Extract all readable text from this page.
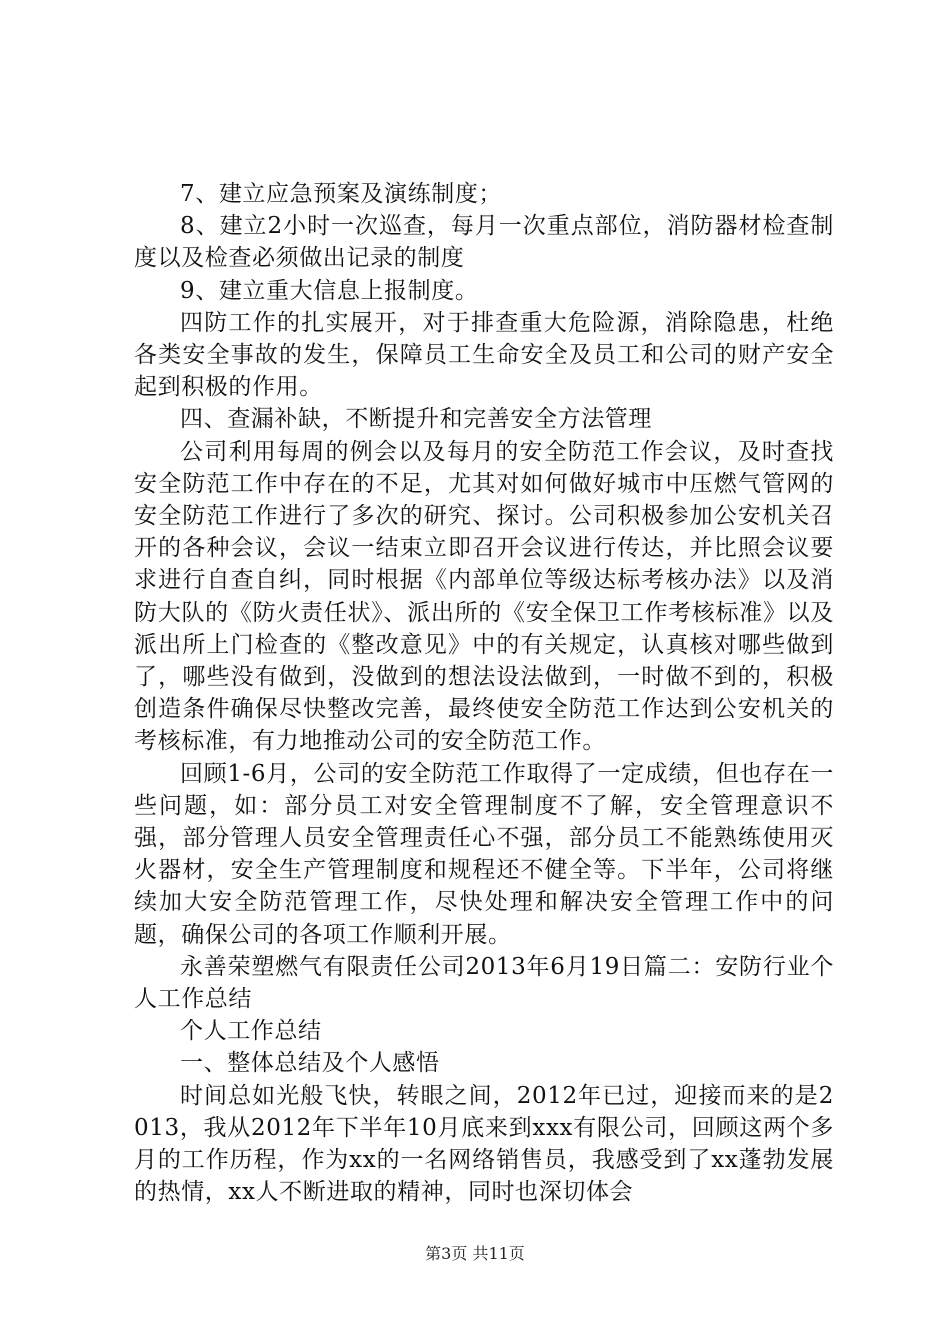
7、建立应急预案及演练制度；

8、建立2小时一次巡查，每月一次重点部位，消防器材检查制度以及检查必须做出记录的制度

9、建立重大信息上报制度。

四防工作的扎实展开，对于排查重大危险源，消除隐患，杜绝各类安全事故的发生，保障员工生命安全及员工和公司的财产安全起到积极的作用。

四、查漏补缺，不断提升和完善安全方法管理

公司利用每周的例会以及每月的安全防范工作会议，及时查找安全防范工作中存在的不足，尤其对如何做好城市中压燃气管网的安全防范工作进行了多次的研究、探讨。公司积极参加公安机关召开的各种会议，会议一结束立即召开会议进行传达，并比照会议要求进行自查自纠，同时根据《内部单位等级达标考核办法》以及消防大队的《防火责任状》、派出所的《安全保卫工作考核标准》以及派出所上门检查的《整改意见》中的有关规定，认真核对哪些做到了，哪些没有做到，没做到的想法设法做到，一时做不到的，积极创造条件确保尽快整改完善，最终使安全防范工作达到公安机关的考核标准，有力地推动公司的安全防范工作。

回顾1-6月，公司的安全防范工作取得了一定成绩，但也存在一些问题，如：部分员工对安全管理制度不了解，安全管理意识不强，部分管理人员安全管理责任心不强，部分员工不能熟练使用灭火器材，安全生产管理制度和规程还不健全等。下半年，公司将继续加大安全防范管理工作，尽快处理和解决安全管理工作中的问题，确保公司的各项工作顺利开展。

永善荣塑燃气有限责任公司2013年6月19日篇二：安防行业个人工作总结

个人工作总结

一、整体总结及个人感悟

时间总如光般飞快，转眼之间，2012年已过，迎接而来的是2013，我从2012年下半年10月底来到xxx有限公司，回顾这两个多月的工作历程，作为xx的一名网络销售员，我感受到了xx蓬勃发展的热情，xx人不断进取的精神，同时也深切体会

第3页 共11页
